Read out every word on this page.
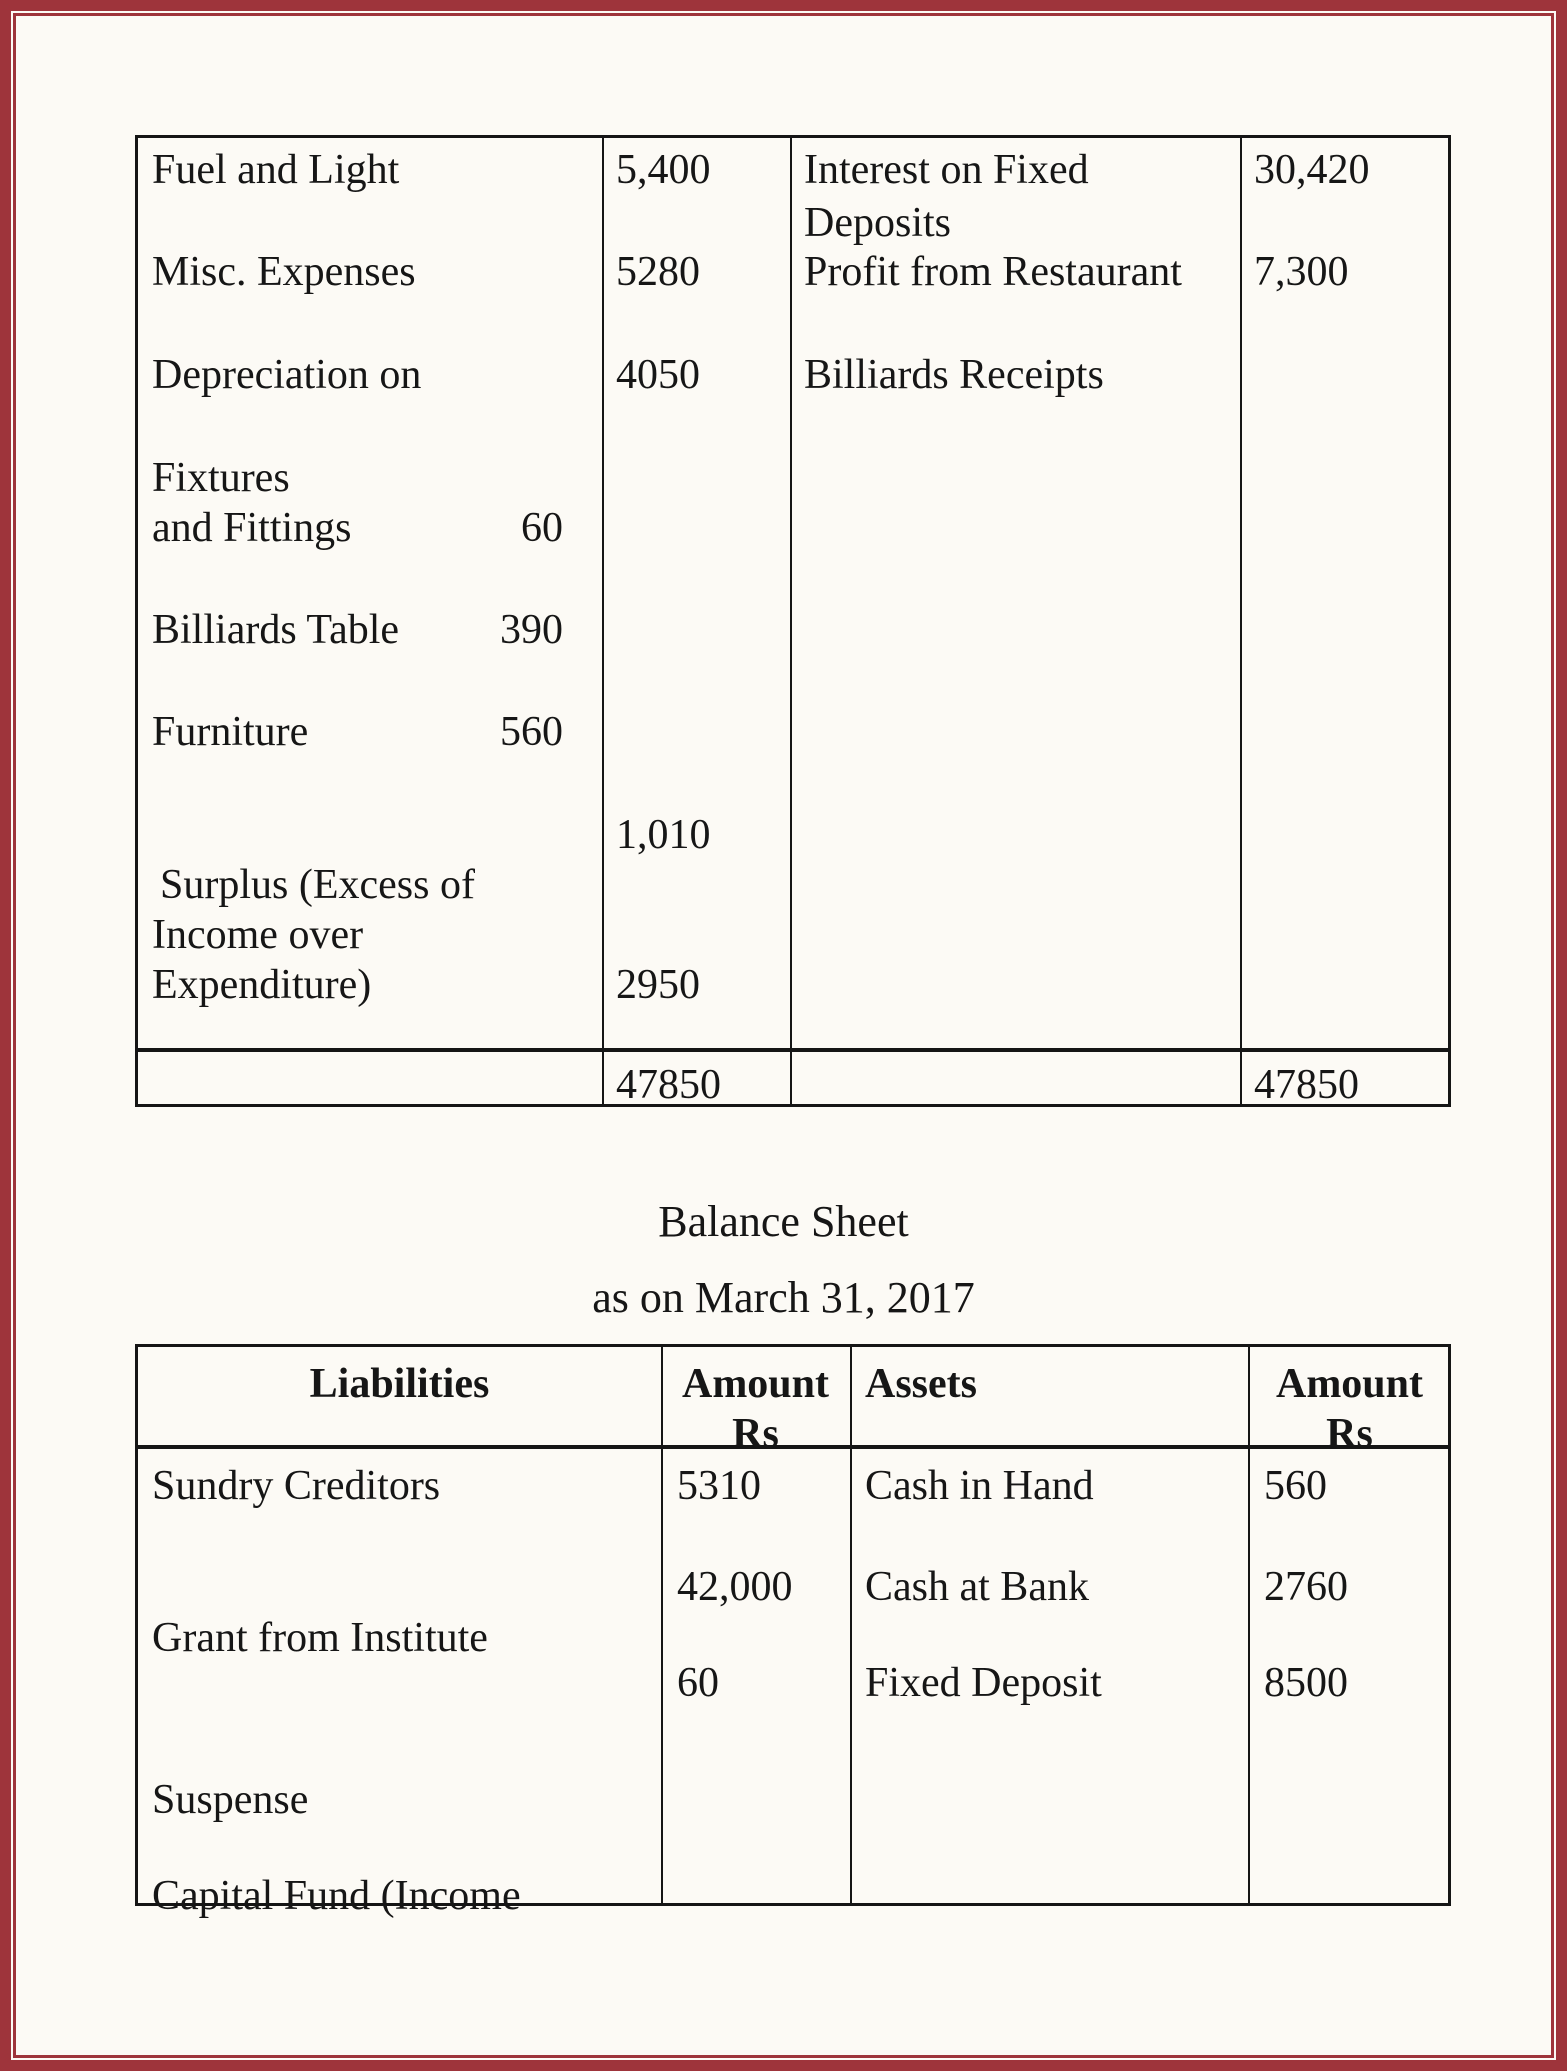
Fuel and Light
Misc. Expenses
Depreciation on
Fixtures
and Fittings
Billiards Table
Furniture
Surplus (Excess of
Income over
Expenditure)
60
390
560
5,400
5280
4050
1,010
2950
47850
Interest on Fixed
Deposits
Profit from Restaurant
Billiards Receipts
30,420
7,300
47850
Balance Sheet
as on March 31, 2017
Liabilities	Amount
Rs
Assets	Amount
Rs
Sundry Creditors
Grant from Institute
Suspense
Capital Fund (Income
5310
42,000
60
Cash in Hand
Cash at Bank
Fixed Deposit
560
2760
8500
